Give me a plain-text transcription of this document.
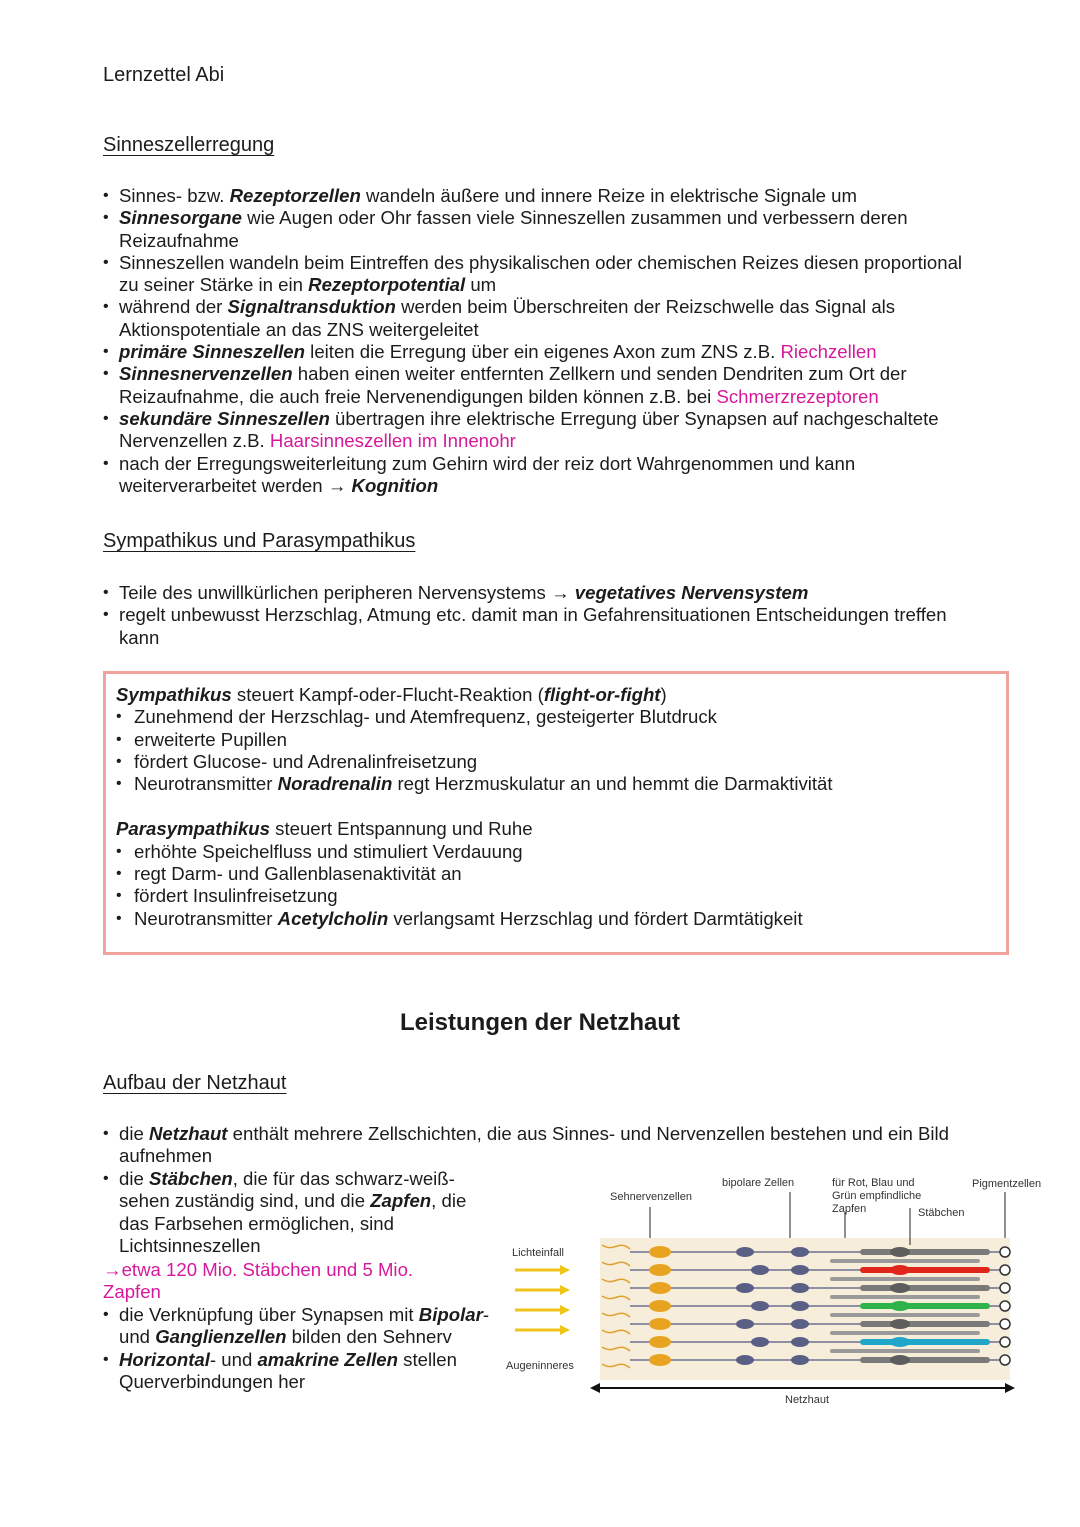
Lernzettel Abi
Sinneszellerregung
• Sinnes- bzw. Rezeptorzellen wandeln äußere und innere Reize in elektrische Signale um
• Sinnesorgane wie Augen oder Ohr fassen viele Sinneszellen zusammen und verbessern deren Reizaufnahme
• Sinneszellen wandeln beim Eintreffen des physikalischen oder chemischen Reizes diesen proportional zu seiner Stärke in ein Rezeptorpotential um
• während der Signaltransduktion werden beim Überschreiten der Reizschwelle das Signal als Aktionspotentiale an das ZNS weitergeleitet
• primäre Sinneszellen leiten die Erregung über ein eigenes Axon zum ZNS z.B. Riechzellen
• Sinnesnervenzellen haben einen weiter entfernten Zellkern und senden Dendriten zum Ort der Reizaufnahme, die auch freie Nervenendigungen bilden können z.B. bei Schmerzrezeptoren
• sekundäre Sinneszellen übertragen ihre elektrische Erregung über Synapsen auf nachgeschaltete Nervenzellen z.B. Haarsinneszellen im Innenohr
• nach der Erregungsweiterleitung zum Gehirn wird der reiz dort Wahrgenommen und kann weiterverarbeitet werden → Kognition
Sympathikus und Parasympathikus
• Teile des unwillkürlichen peripheren Nervensystems → vegetatives Nervensystem
• regelt unbewusst Herzschlag, Atmung etc. damit man in Gefahrensituationen Entscheidungen treffen kann
Sympathikus steuert Kampf-oder-Flucht-Reaktion (flight-or-fight)
• Zunehmend der Herzschlag- und Atemfrequenz, gesteigerter Blutdruck
• erweiterte Pupillen
• fördert Glucose- und Adrenalinfreisetzung
• Neurotransmitter Noradrenalin regt Herzmuskulatur an und hemmt die Darmaktivität
Parasympathikus steuert Entspannung und Ruhe
• erhöhte Speichelfluss und stimuliert Verdauung
• regt Darm- und Gallenblasenaktivität an
• fördert Insulinfreisetzung
• Neurotransmitter Acetylcholin verlangsamt Herzschlag und fördert Darmtätigkeit
Leistungen der Netzhaut
Aufbau der Netzhaut
• die Netzhaut enthält mehrere Zellschichten, die aus Sinnes- und Nervenzellen bestehen und ein Bild aufnehmen
• die Stäbchen, die für das schwarz-weiß-sehen zuständig sind, und die Zapfen, die das Farbsehen ermöglichen, sind Lichtsinneszellen
→etwa 120 Mio. Stäbchen und 5 Mio. Zapfen
• die Verknüpfung über Synapsen mit Bipolar- und Ganglienzellen bilden den Sehnerv
• Horizontal- und amakrine Zellen stellen Querverbindungen her
Sehnervenzellen
bipolare Zellen	für Rot, Blau und
Grün empfindliche
Zapfen	Stäbchen
Pigmentzellen
Lichteinfall
Augeninneres
Netzhaut
